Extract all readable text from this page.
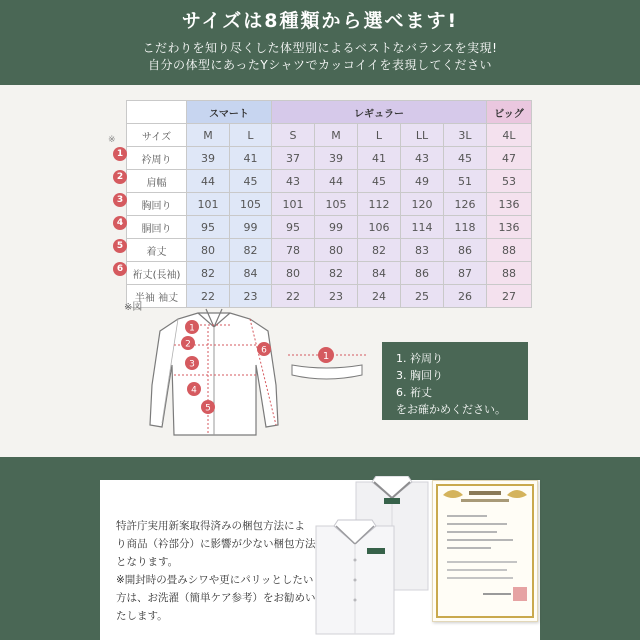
サイズは8種類から選べます!
こだわりを知り尽くした体型別によるベストなバランスを実現!
自分の体型にあったYシャツでカッコイイを表現してください
※
	スマート		レギュラー					ビッグ
サイズ	M	L	S	M	L	LL	3L	4L
衿周り	39	41	37	39	41	43	45	47
肩幅	44	45	43	44	45	49	51	53
胸回り	101	105	101	105	112	120	126	136
胴回り	95	99	95	99	106	114	118	136
着丈	80	82	78	80	82	83	86	88
裄丈(長袖)	82	84	80	82	84	86	87	88
半袖 袖丈	22	23	22	23	24	25	26	27
1
2
3
4
5
6
※図
1
2
3
4
5
6
1	1. 衿周り
3. 胸回り
6. 裄丈
をお確かめください。
特許庁実用新案取得済みの梱包方法によ
り商品（衿部分）に影響が少ない梱包方法
となります。
※開封時の畳みシワや更にパリッとしたい
方は、お洗濯（簡単ケア参考）をお勧めい
たします。
